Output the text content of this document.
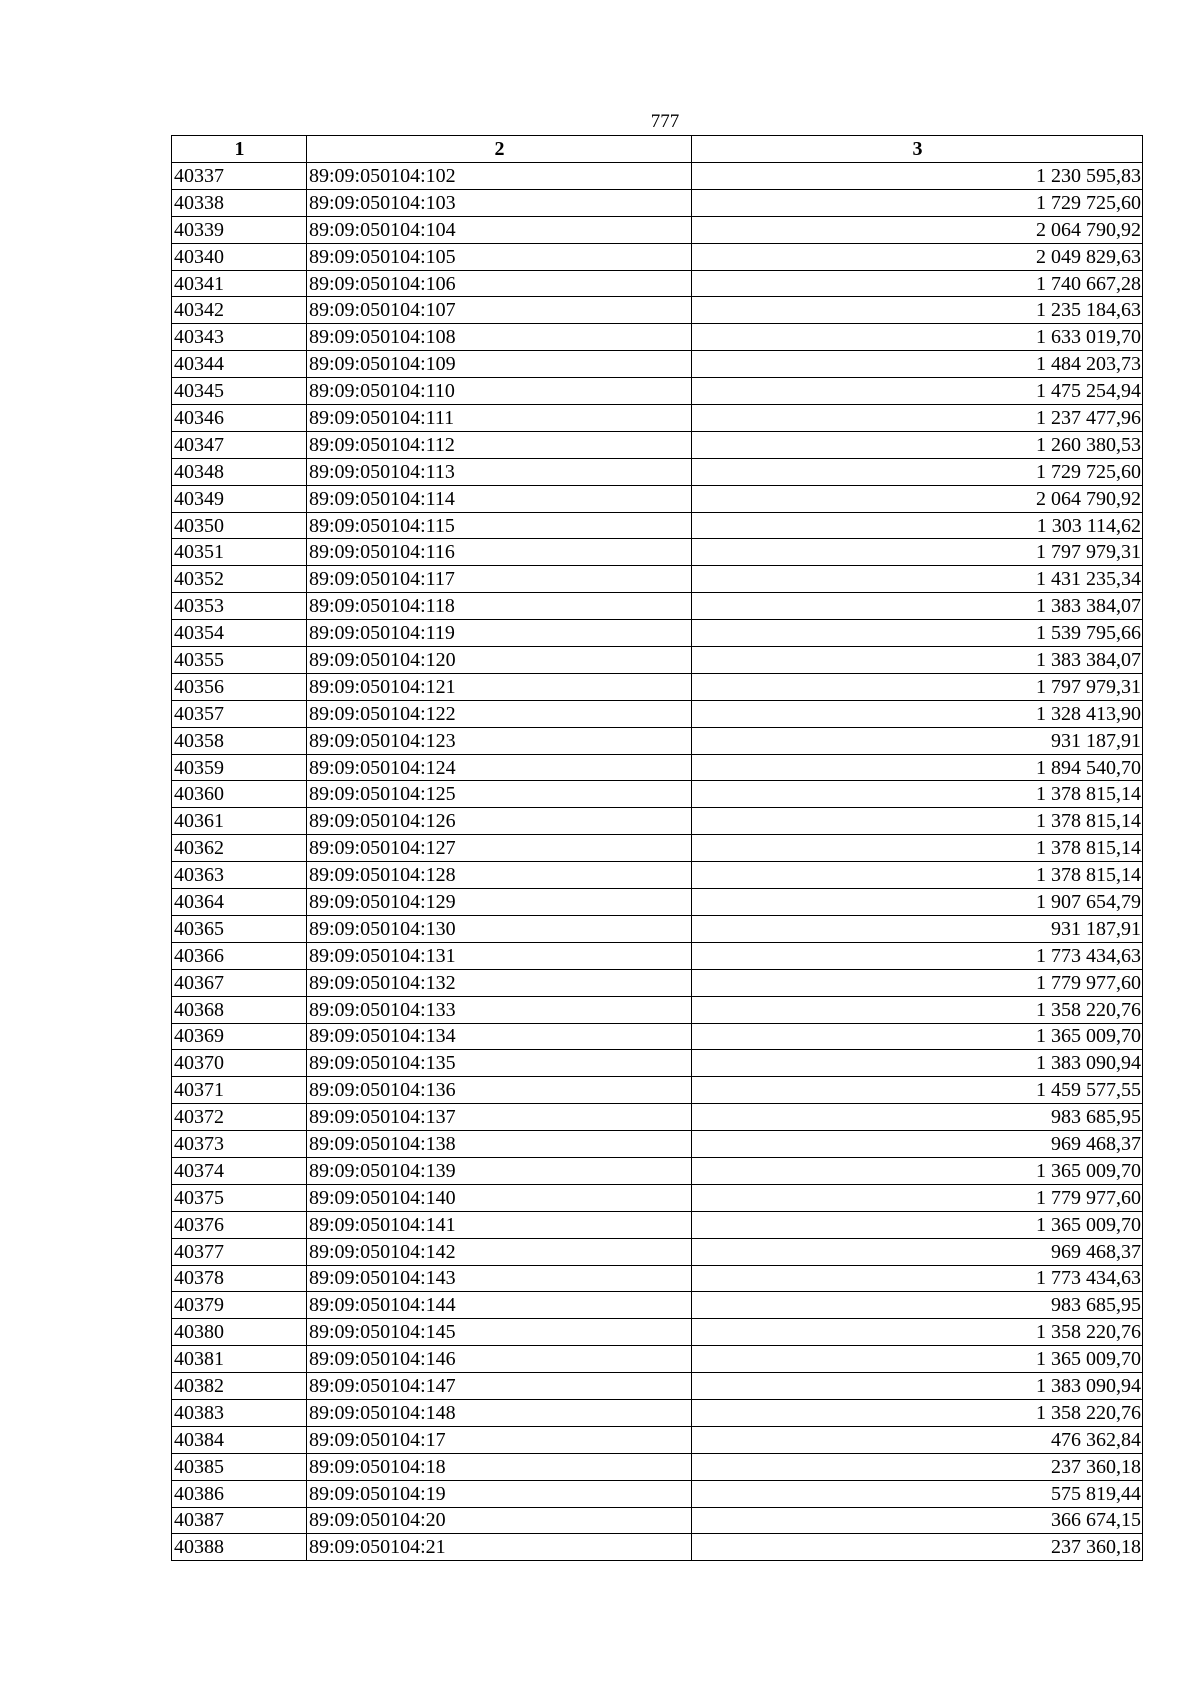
777
1	2	3
40337	89:09:050104:102	1 230 595,83
40338	89:09:050104:103	1 729 725,60
40339	89:09:050104:104	2 064 790,92
40340	89:09:050104:105	2 049 829,63
40341	89:09:050104:106	1 740 667,28
40342	89:09:050104:107	1 235 184,63
40343	89:09:050104:108	1 633 019,70
40344	89:09:050104:109	1 484 203,73
40345	89:09:050104:110	1 475 254,94
40346	89:09:050104:111	1 237 477,96
40347	89:09:050104:112	1 260 380,53
40348	89:09:050104:113	1 729 725,60
40349	89:09:050104:114	2 064 790,92
40350	89:09:050104:115	1 303 114,62
40351	89:09:050104:116	1 797 979,31
40352	89:09:050104:117	1 431 235,34
40353	89:09:050104:118	1 383 384,07
40354	89:09:050104:119	1 539 795,66
40355	89:09:050104:120	1 383 384,07
40356	89:09:050104:121	1 797 979,31
40357	89:09:050104:122	1 328 413,90
40358	89:09:050104:123	931 187,91
40359	89:09:050104:124	1 894 540,70
40360	89:09:050104:125	1 378 815,14
40361	89:09:050104:126	1 378 815,14
40362	89:09:050104:127	1 378 815,14
40363	89:09:050104:128	1 378 815,14
40364	89:09:050104:129	1 907 654,79
40365	89:09:050104:130	931 187,91
40366	89:09:050104:131	1 773 434,63
40367	89:09:050104:132	1 779 977,60
40368	89:09:050104:133	1 358 220,76
40369	89:09:050104:134	1 365 009,70
40370	89:09:050104:135	1 383 090,94
40371	89:09:050104:136	1 459 577,55
40372	89:09:050104:137	983 685,95
40373	89:09:050104:138	969 468,37
40374	89:09:050104:139	1 365 009,70
40375	89:09:050104:140	1 779 977,60
40376	89:09:050104:141	1 365 009,70
40377	89:09:050104:142	969 468,37
40378	89:09:050104:143	1 773 434,63
40379	89:09:050104:144	983 685,95
40380	89:09:050104:145	1 358 220,76
40381	89:09:050104:146	1 365 009,70
40382	89:09:050104:147	1 383 090,94
40383	89:09:050104:148	1 358 220,76
40384	89:09:050104:17	476 362,84
40385	89:09:050104:18	237 360,18
40386	89:09:050104:19	575 819,44
40387	89:09:050104:20	366 674,15
40388	89:09:050104:21	237 360,18
